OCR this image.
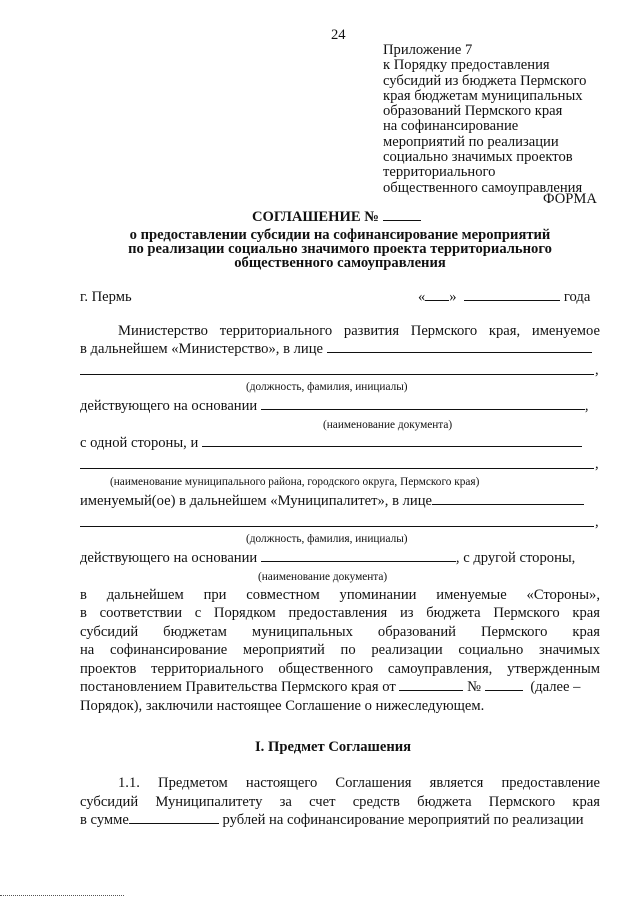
24
Приложение 7
к Порядку предоставления
субсидий из бюджета Пермского
края бюджетам муниципальных
образований Пермского края
на софинансирование
мероприятий по реализации
социально значимых проектов
территориального
общественного самоуправления
ФОРМА
СОГЛАШЕНИЕ №
о предоставлении субсидии на софинансирование мероприятий
по реализации социально значимого проекта территориального
общественного самоуправления
г. Пермь	« »	года
Министерство территориального развития Пермского края, именуемое
в дальнейшем «Министерство», в лице
,
(должность, фамилия, инициалы)
действующего на основании	,
(наименование документа)
с одной стороны, и
,
(наименование муниципального района, городского округа, Пермского края)
именуемый(ое) в дальнейшем «Муниципалитет», в лице
,
(должность, фамилия, инициалы)
действующего на основании	, с другой стороны,
(наименование документа)
в дальнейшем при совместном упоминании именуемые «Стороны»,
в соответствии с Порядком предоставления из бюджета Пермского края
субсидий бюджетам муниципальных образований Пермского края
на софинансирование мероприятий по реализации социально значимых
проектов территориального общественного самоуправления, утвержденным
постановлением Правительства Пермского края от	№	(далее –
Порядок), заключили настоящее Соглашение о нижеследующем.
I. Предмет Соглашения
1.1. Предметом настоящего Соглашения является предоставление
субсидий Муниципалитету за счет средств бюджета Пермского края
в сумме	рублей на софинансирование мероприятий по реализации
